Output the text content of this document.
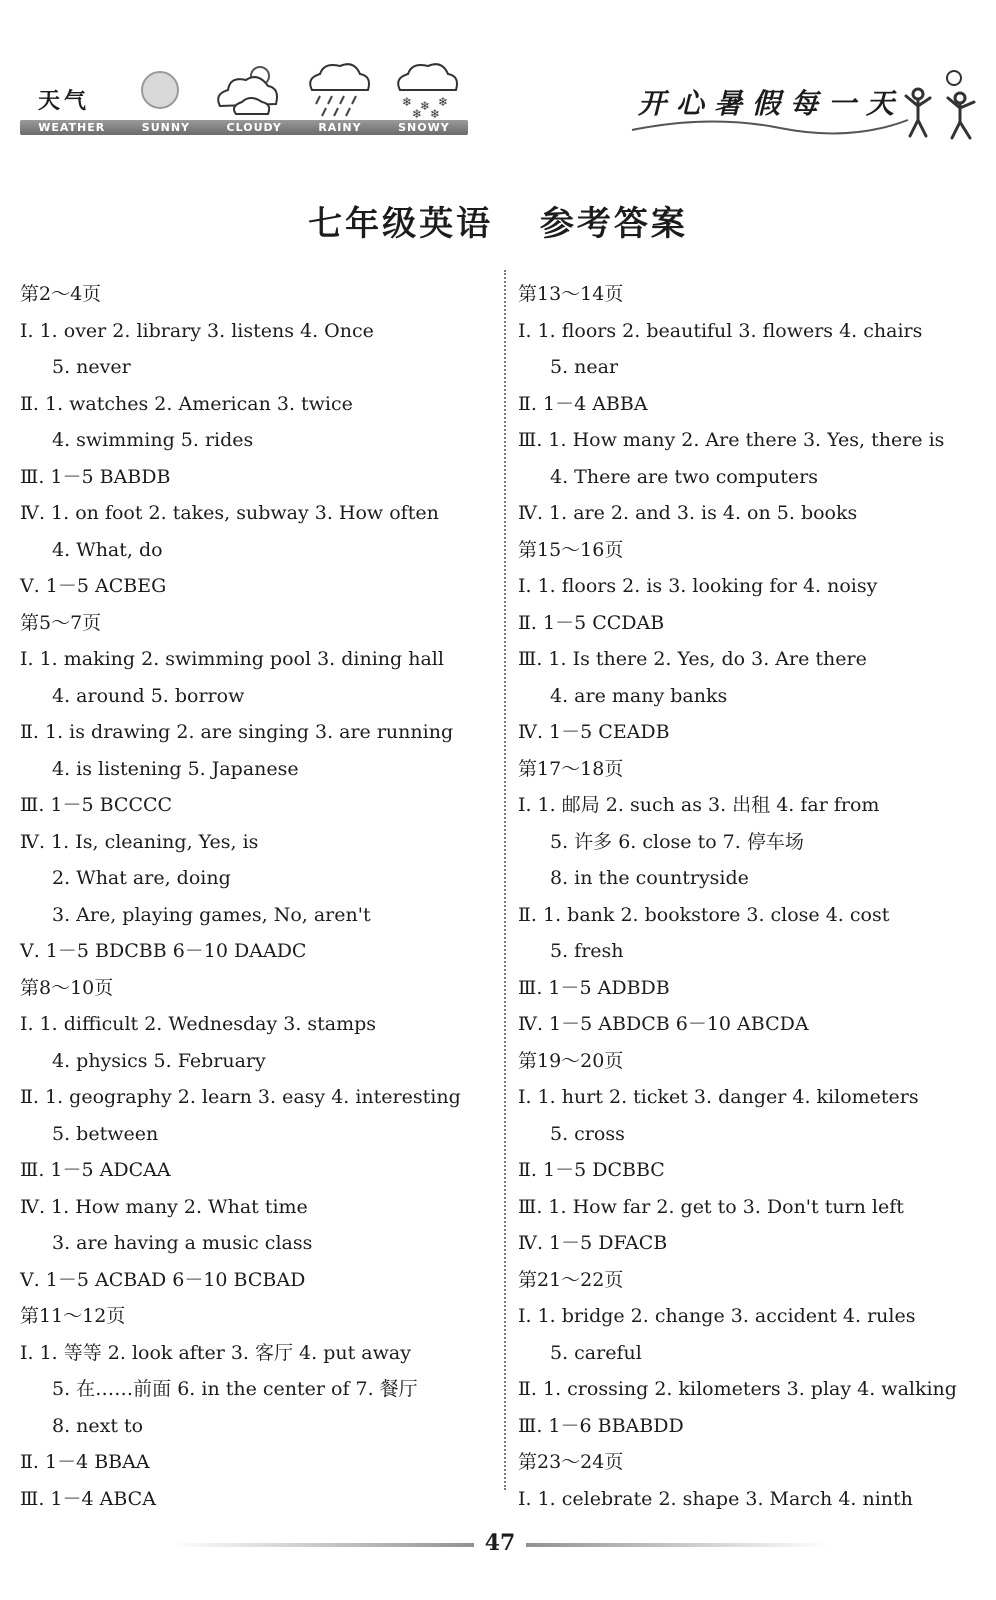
天气	❄ ❄ ❄
❄ ❄
WEATHER	SUNNY	CLOUDY	RAINY	SNOWY
开心暑假每一天
七年级英语 参考答案
第2～4页
Ⅰ. 1. over 2. library 3. listens 4. Once
5. never
Ⅱ. 1. watches 2. American 3. twice
4. swimming 5. rides
Ⅲ. 1－5 BABDB
Ⅳ. 1. on foot 2. takes, subway 3. How often
4. What, do
Ⅴ. 1－5 ACBEG
第5～7页
Ⅰ. 1. making 2. swimming pool 3. dining hall
4. around 5. borrow
Ⅱ. 1. is drawing 2. are singing 3. are running
4. is listening 5. Japanese
Ⅲ. 1－5 BCCCC
Ⅳ. 1. Is, cleaning, Yes, is
2. What are, doing
3. Are, playing games, No, aren't
Ⅴ. 1－5 BDCBB 6－10 DAADC
第8～10页
Ⅰ. 1. difficult 2. Wednesday 3. stamps
4. physics 5. February
Ⅱ. 1. geography 2. learn 3. easy 4. interesting
5. between
Ⅲ. 1－5 ADCAA
Ⅳ. 1. How many 2. What time
3. are having a music class
Ⅴ. 1－5 ACBAD 6－10 BCBAD
第11～12页
Ⅰ. 1. 等等 2. look after 3. 客厅 4. put away
5. 在……前面 6. in the center of 7. 餐厅
8. next to
Ⅱ. 1－4 BBAA
Ⅲ. 1－4 ABCA
第13～14页
Ⅰ. 1. floors 2. beautiful 3. flowers 4. chairs
5. near
Ⅱ. 1－4 ABBA
Ⅲ. 1. How many 2. Are there 3. Yes, there is
4. There are two computers
Ⅳ. 1. are 2. and 3. is 4. on 5. books
第15～16页
Ⅰ. 1. floors 2. is 3. looking for 4. noisy
Ⅱ. 1－5 CCDAB
Ⅲ. 1. Is there 2. Yes, do 3. Are there
4. are many banks
Ⅳ. 1－5 CEADB
第17～18页
Ⅰ. 1. 邮局 2. such as 3. 出租 4. far from
5. 许多 6. close to 7. 停车场
8. in the countryside
Ⅱ. 1. bank 2. bookstore 3. close 4. cost
5. fresh
Ⅲ. 1－5 ADBDB
Ⅳ. 1－5 ABDCB 6－10 ABCDA
第19～20页
Ⅰ. 1. hurt 2. ticket 3. danger 4. kilometers
5. cross
Ⅱ. 1－5 DCBBC
Ⅲ. 1. How far 2. get to 3. Don't turn left
Ⅳ. 1－5 DFACB
第21～22页
Ⅰ. 1. bridge 2. change 3. accident 4. rules
5. careful
Ⅱ. 1. crossing 2. kilometers 3. play 4. walking
Ⅲ. 1－6 BBABDD
第23～24页
Ⅰ. 1. celebrate 2. shape 3. March 4. ninth
47
